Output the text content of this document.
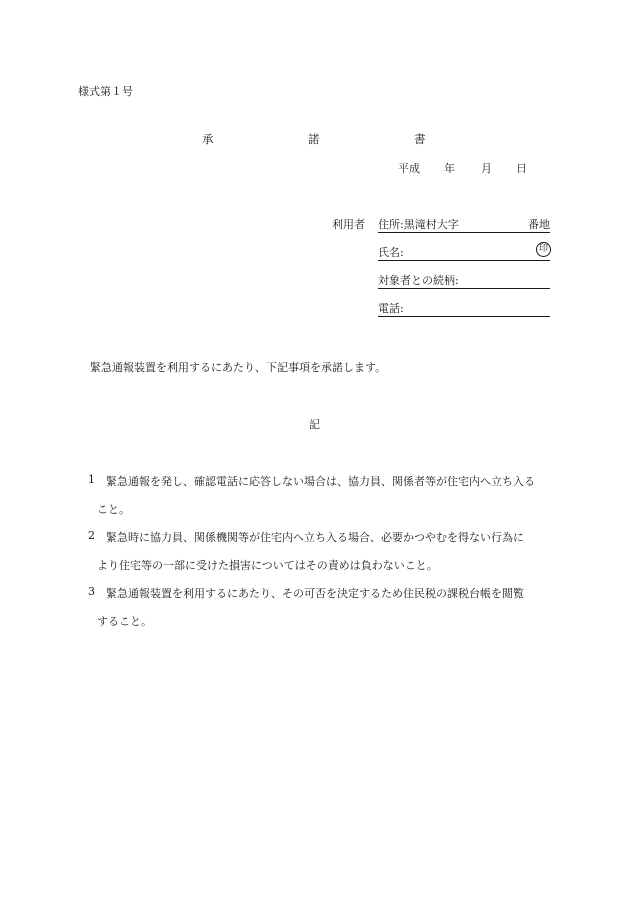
様式第１号
承	諾	書
平成 年 月 日
利用者 住所:黒滝村大字	番地
氏名:	印
対象者との続柄:
電話:
緊急通報装置を利用するにあたり、下記事項を承諾します。
記
1 緊急通報を発し、確認電話に応答しない場合は、協力員、関係者等が住宅内へ立ち入る
こと。
2 緊急時に協力員、関係機関等が住宅内へ立ち入る場合、必要かつやむを得ない行為に
より住宅等の一部に受けた損害についてはその責めは負わないこと。
3 緊急通報装置を利用するにあたり、その可否を決定するため住民税の課税台帳を閲覧
すること。
